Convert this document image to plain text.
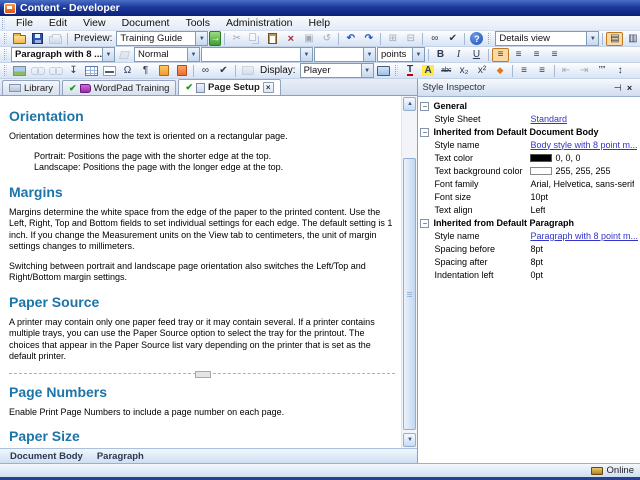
Content - Developer
File	Edit	View	Document	Tools	Administration	Help
Preview: Training Guide	▼ →	✂	×	▣ ↺	↶ ↷	⊞ ⊟	∞	✔	?	Details view	▼	▤ ▥
Paragraph with 8 ... ▼	Normal	▼	▼	▼ points	▼	B	I	U	≡	≡	≡	≡
↧	Ω	¶	∞	✔	Display: Player	▼	T A abc x₂ x²	◆	≡	≡	⇤ ⇥	””	↕
Library ✔ WordPad Training ✔ Page Setup ×
Orientation

Orientation determines how the text is oriented on a rectangular page.

Portrait: Positions the page with the shorter edge at the top.

Landscape: Positions the page with the longer edge at the top.

Margins

Margins determine the white space from the edge of the paper to the printed content. Use the Left, Right, Top and Bottom fields to set individual settings for each edge. The default setting is 1 inch. If you change the Measurement units on the View tab to centimeters, the unit of margin settings changes to millimeters.

Switching between portrait and landscape page orientation also switches the Left/Top and Right/Bottom margin settings.

Paper Source

A printer may contain only one paper feed tray or it may contain several. If a printer contains multiple trays, you can use the Paper Source option to select the tray for the printout. The choices that appear in the Paper Source list vary depending on the printer that is set as the default printer.

Page Numbers

Enable Print Page Numbers to include a page number on each page.

Paper Size

▲
▼
Document Body Paragraph
Style Inspector	⊤ ×
− General
Style Sheet	Standard
− Inherited from Default Document Body
Style name	Body style with 8 point m...
Text color	0, 0, 0
Text background color	255, 255, 255
Font family	Arial, Helvetica, sans-serif
Font size	10pt
Text align	Left
− Inherited from Default Paragraph
Style name	Paragraph with 8 point m...
Spacing before	8pt
Spacing after	8pt
Indentation left	0pt
Online
